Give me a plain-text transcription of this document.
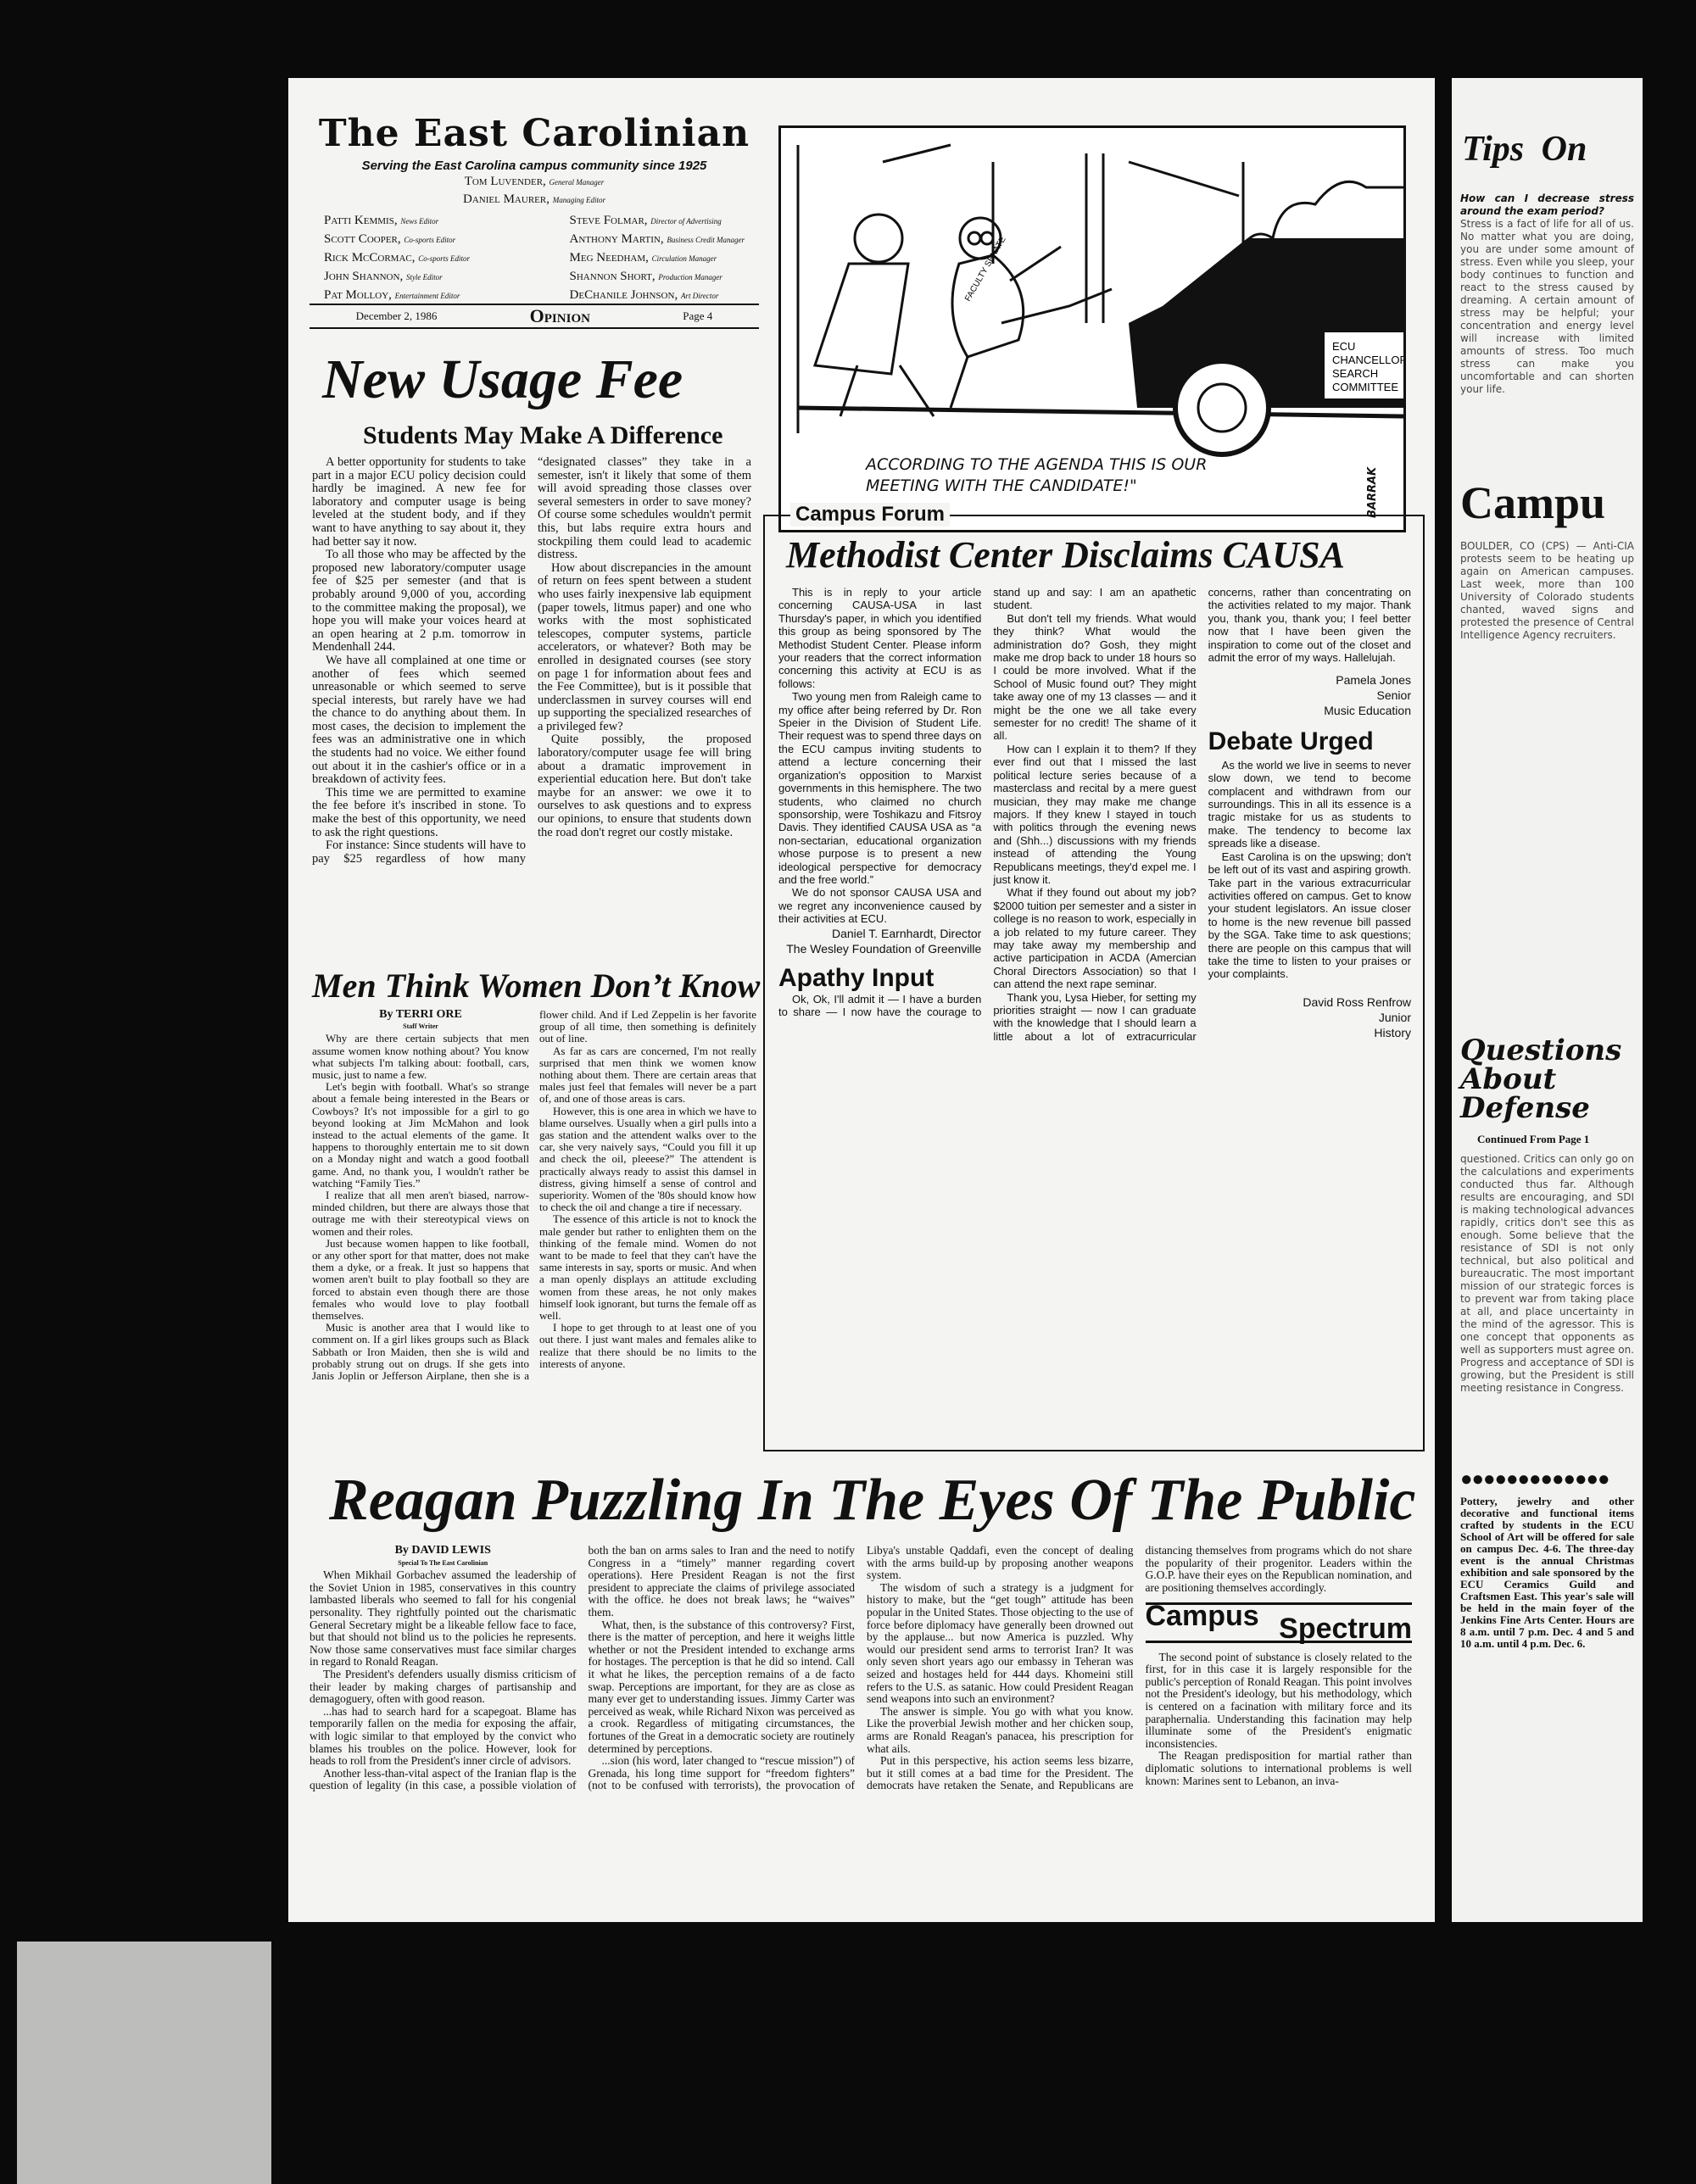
The East Carolinian
Serving the East Carolina campus community since 1925
Tom Luvender, General Manager
Daniel Maurer, Managing Editor
Patti Kemmis, News Editor
Scott Cooper, Co-sports Editor
Rick McCormac, Co-sports Editor
John Shannon, Style Editor
Pat Molloy, Entertainment Editor
Steve Folmar, Director of Advertising
Anthony Martin, Business Credit Manager
Meg Needham, Circulation Manager
Shannon Short, Production Manager
DeChanile Johnson, Art Director
December 2, 1986	Opinion	Page 4
ECU CHANCELLOR SEARCH COMMITTEE
FACULTY SENATE
ACCORDING TO THE AGENDA THIS IS OUR MEETING WITH THE CANDIDATE!"	BARRAK
New Usage Fee
Students May Make A Difference

A better opportunity for students to take part in a major ECU policy decision could hardly be imagined. A new fee for laboratory and computer usage is being leveled at the student body, and if they want to have anything to say about it, they had better say it now.

To all those who may be affected by the proposed new laboratory/computer usage fee of $25 per semester (and that is probably around 9,000 of you, according to the committee making the proposal), we hope you will make your voices heard at an open hearing at 2 p.m. tomorrow in Mendenhall 244.

We have all complained at one time or another of fees which seemed unreasonable or which seemed to serve special interests, but rarely have we had the chance to do anything about them. In most cases, the decision to implement the fees was an administrative one in which the students had no voice. We either found out about it in the cashier's office or in a breakdown of activity fees.

This time we are permitted to examine the fee before it's inscribed in stone. To make the best of this opportunity, we need to ask the right questions.

For instance: Since students will have to pay $25 regardless of how many “designated classes” they take in a semester, isn't it likely that some of them will avoid spreading those classes over several semesters in order to save money? Of course some schedules wouldn't permit this, but labs require extra hours and stockpiling them could lead to academic distress.

How about discrepancies in the amount of return on fees spent between a student who uses fairly inexpensive lab equipment (paper towels, litmus paper) and one who works with the most sophisticated telescopes, computer systems, particle accelerators, or whatever? Both may be enrolled in designated courses (see story on page 1 for information about fees and the Fee Committee), but is it possible that underclassmen in survey courses will end up supporting the specialized researches of a privileged few?

Quite possibly, the proposed laboratory/computer usage fee will bring about a dramatic improvement in experiential education here. But don't take maybe for an answer: we owe it to ourselves to ask questions and to express our opinions, to ensure that students down the road don't regret our costly mistake.

Men Think Women Don’t Know
By TERRI ORE
Staff Writer

Why are there certain subjects that men assume women know nothing about? You know what subjects I'm talking about: football, cars, music, just to name a few.

Let's begin with football. What's so strange about a female being interested in the Bears or Cowboys? It's not impossible for a girl to go beyond looking at Jim McMahon and look instead to the actual elements of the game. It happens to thoroughly entertain me to sit down on a Monday night and watch a good football game. And, no thank you, I wouldn't rather be watching “Family Ties.”

I realize that all men aren't biased, narrow-minded children, but there are always those that outrage me with their stereotypical views on women and their roles.

Just because women happen to like football, or any other sport for that matter, does not make them a dyke, or a freak. It just so happens that women aren't built to play football so they are forced to abstain even though there are those females who would love to play football themselves.

Music is another area that I would like to comment on. If a girl likes groups such as Black Sabbath or Iron Maiden, then she is wild and probably strung out on drugs. If she gets into Janis Joplin or Jefferson Airplane, then she is a flower child. And if Led Zeppelin is her favorite group of all time, then something is definitely out of line.

As far as cars are concerned, I'm not really surprised that men think we women know nothing about them. There are certain areas that males just feel that females will never be a part of, and one of those areas is cars.

However, this is one area in which we have to blame ourselves. Usually when a girl pulls into a gas station and the attendent walks over to the car, she very naively says, “Could you fill it up and check the oil, pleeese?” The attendent is practically always ready to assist this damsel in distress, giving himself a sense of control and superiority. Women of the '80s should know how to check the oil and change a tire if necessary.

The essence of this article is not to knock the male gender but rather to enlighten them on the thinking of the female mind. Women do not want to be made to feel that they can't have the same interests in say, sports or music. And when a man openly displays an attitude excluding women from these areas, he not only makes himself look ignorant, but turns the female off as well.

I hope to get through to at least one of you out there. I just want males and females alike to realize that there should be no limits to the interests of anyone.

Campus Forum
Methodist Center Disclaims CAUSA

This is in reply to your article concerning CAUSA-USA in last Thursday's paper, in which you identified this group as being sponsored by The Methodist Student Center. Please inform your readers that the correct information concerning this activity at ECU is as follows:

Two young men from Raleigh came to my office after being referred by Dr. Ron Speier in the Division of Student Life. Their request was to spend three days on the ECU campus inviting students to attend a lecture concerning their organization's opposition to Marxist governments in this hemisphere. The two students, who claimed no church sponsorship, were Toshikazu and Fitsroy Davis. They identified CAUSA USA as “a non-sectarian, educational organization whose purpose is to present a new ideological perspective for democracy and the free world.”

We do not sponsor CAUSA USA and we regret any inconvenience caused by their activities at ECU.

Daniel T. Earnhardt, Director
The Wesley Foundation of Greenville
Apathy Input

Ok, Ok, I'll admit it — I have a burden to share — I now have the courage to stand up and say: I am an apathetic student.

But don't tell my friends. What would they think? What would the administration do? Gosh, they might make me drop back to under 18 hours so I could be more involved. What if the School of Music found out? They might take away one of my 13 classes — and it might be the one we all take every semester for no credit! The shame of it all.

How can I explain it to them? If they ever find out that I missed the last political lecture series because of a masterclass and recital by a mere guest musician, they may make me change majors. If they knew I stayed in touch with politics through the evening news and (Shh...) discussions with my friends instead of attending the Young Republicans meetings, they'd expel me. I just know it.

What if they found out about my job? $2000 tuition per semester and a sister in college is no reason to work, especially in a job related to my future career. They may take away my membership and active participation in ACDA (Amercian Choral Directors Association) so that I can attend the next rape seminar.

Thank you, Lysa Hieber, for setting my priorities straight — now I can graduate with the knowledge that I should learn a little about a lot of extracurricular concerns, rather than concentrating on the activities related to my major. Thank you, thank you, thank you; I feel better now that I have been given the inspiration to come out of the closet and admit the error of my ways. Hallelujah.

Pamela Jones
Senior
Music Education
Debate Urged

As the world we live in seems to never slow down, we tend to become complacent and withdrawn from our surroundings. This in all its essence is a tragic mistake for us as students to make. The tendency to become lax spreads like a disease.

East Carolina is on the upswing; don't be left out of its vast and aspiring growth. Take part in the various extracurricular activities offered on campus. Get to know your student legislators. An issue closer to home is the new revenue bill passed by the SGA. Take time to ask questions; there are people on this campus that will take the time to listen to your praises or your complaints.

David Ross Renfrow
Junior
History
Reagan Puzzling In The Eyes Of The Public
By DAVID LEWIS
Special To The East Carolinian

When Mikhail Gorbachev assumed the leadership of the Soviet Union in 1985, conservatives in this country lambasted liberals who seemed to fall for his congenial personality. They rightfully pointed out the charismatic General Secretary might be a likeable fellow face to face, but that should not blind us to the policies he represents. Now those same conservatives must face similar charges in regard to Ronald Reagan.

The President's defenders usually dismiss criticism of their leader by making charges of partisanship and demagoguery, often with good reason.

...has had to search hard for a scapegoat. Blame has temporarily fallen on the media for exposing the affair, with logic similar to that employed by the convict who blames his troubles on the police. However, look for heads to roll from the President's inner circle of advisors.

Another less-than-vital aspect of the Iranian flap is the question of legality (in this case, a possible violation of both the ban on arms sales to Iran and the need to notify Congress in a “timely” manner regarding covert operations). Here President Reagan is not the first president to appreciate the claims of privilege associated with the office. he does not break laws; he “waives” them.

What, then, is the substance of this controversy? First, there is the matter of perception, and here it weighs little whether or not the President intended to exchange arms for hostages. The perception is that he did so intend. Call it what he likes, the perception remains of a de facto swap. Perceptions are important, for they are as close as many ever get to understanding issues. Jimmy Carter was perceived as weak, while Richard Nixon was perceived as a crook. Regardless of mitigating circumstances, the fortunes of the Great in a democratic society are routinely determined by perceptions.

...sion (his word, later changed to “rescue mission”) of Grenada, his long time support for “freedom fighters” (not to be confused with terrorists), the provocation of Libya's unstable Qaddafi, even the concept of dealing with the arms build-up by proposing another weapons system.

The wisdom of such a strategy is a judgment for history to make, but the “get tough” attitude has been popular in the United States. Those objecting to the use of force before diplomacy have generally been drowned out by the applause... but now America is puzzled. Why would our president send arms to terrorist Iran? It was only seven short years ago our embassy in Teheran was seized and hostages held for 444 days. Khomeini still refers to the U.S. as satanic. How could President Reagan send weapons into such an environment?

The answer is simple. You go with what you know. Like the proverbial Jewish mother and her chicken soup, arms are Ronald Reagan's panacea, his prescription for what ails.

Put in this perspective, his action seems less bizarre, but it still comes at a bad time for the President. The democrats have retaken the Senate, and Republicans are distancing themselves from programs which do not share the popularity of their progenitor. Leaders within the G.O.P. have their eyes on the Republican nomination, and are positioning themselves accordingly.

Campus Spectrum

The second point of substance is closely related to the first, for in this case it is largely responsible for the public's perception of Ronald Reagan. This point involves not the President's ideology, but his methodology, which is centered on a facination with military force and its paraphernalia. Understanding this facination may help illuminate some of the President's enigmatic inconsistencies.

The Reagan predisposition for martial rather than diplomatic solutions to international problems is well known: Marines sent to Lebanon, an inva-

Tips On
How can I decrease stress around the exam period?
Stress is a fact of life for all of us. No matter what you are doing, you are under some amount of stress. Even while you sleep, your body continues to function and react to the stress caused by dreaming. A certain amount of stress may be helpful; your concentration and energy level will increase with limited amounts of stress. Too much stress can make you uncomfortable and can shorten your life.
Campu
BOULDER, CO (CPS) — Anti-CIA protests seem to be heating up again on American campuses. Last week, more than 100 University of Colorado students chanted, waved signs and protested the presence of Central Intelligence Agency recruiters.
Questions About Defense
Continued From Page 1
questioned. Critics can only go on the calculations and experiments conducted thus far. Although results are encouraging, and SDI is making technological advances rapidly, critics don't see this as enough. Some believe that the resistance of SDI is not only technical, but also political and bureaucratic. The most important mission of our strategic forces is to prevent war from taking place at all, and place uncertainty in the mind of the agressor. This is one concept that opponents as well as supporters must agree on. Progress and acceptance of SDI is growing, but the President is still meeting resistance in Congress.
●●●●●●●●●●●●●
Pottery, jewelry and other decorative and functional items crafted by students in the ECU School of Art will be offered for sale on campus Dec. 4-6. The three-day event is the annual Christmas exhibition and sale sponsored by the ECU Ceramics Guild and Craftsmen East. This year's sale will be held in the main foyer of the Jenkins Fine Arts Center. Hours are 8 a.m. until 7 p.m. Dec. 4 and 5 and 10 a.m. until 4 p.m. Dec. 6.
